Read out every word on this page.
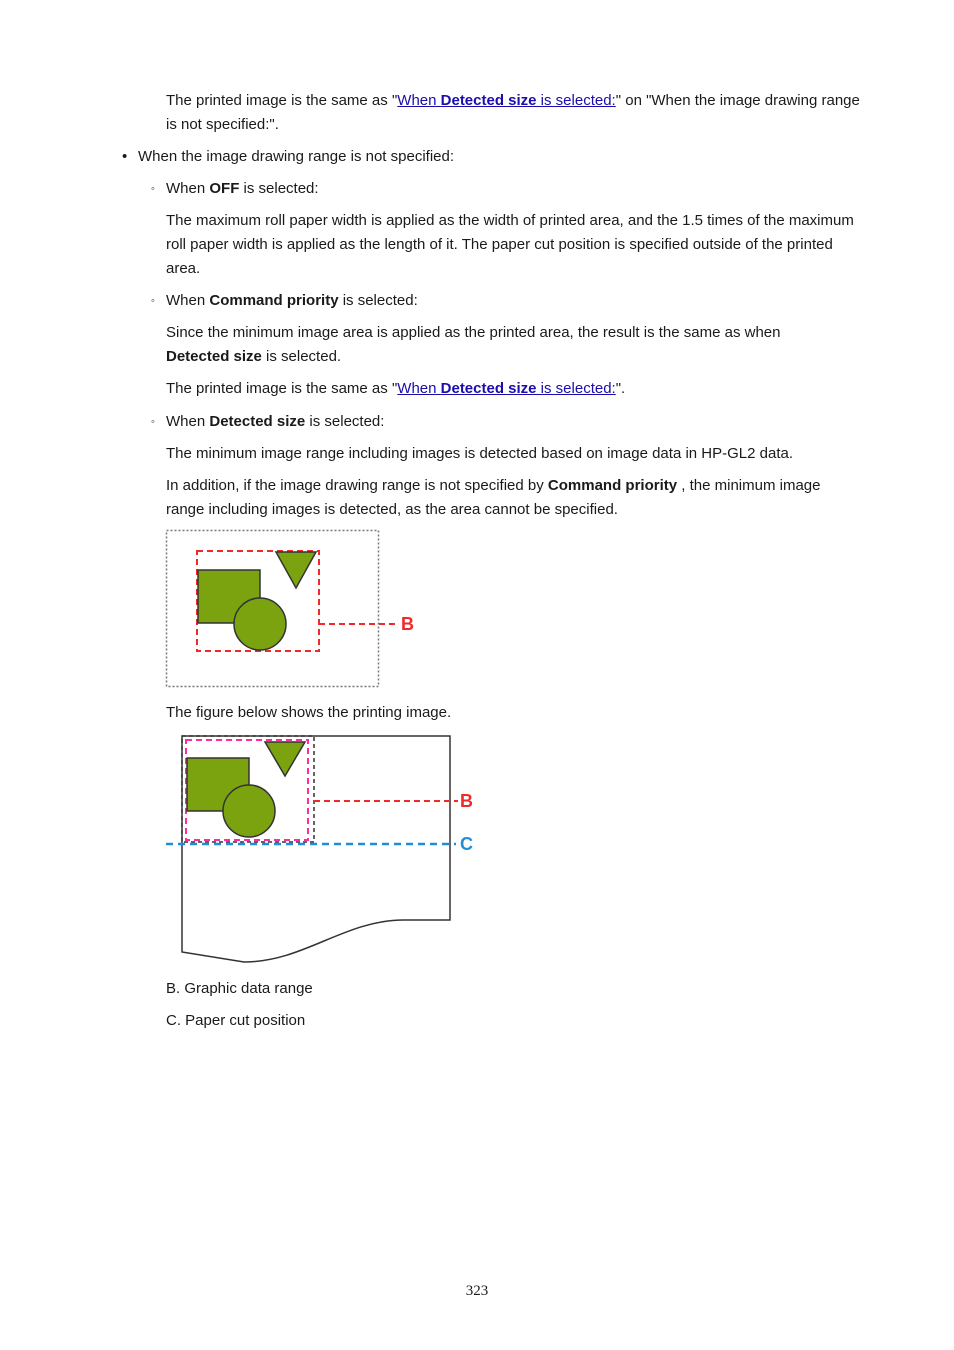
The printed image is the same as "When Detected size is selected:" on "When the image drawing range is not specified:".

• When the image drawing range is not specified:

◦ When OFF is selected:

The maximum roll paper width is applied as the width of printed area, and the 1.5 times of the maximum roll paper width is applied as the length of it. The paper cut position is specified outside of the printed area.

◦ When Command priority is selected:

Since the minimum image area is applied as the printed area, the result is the same as when Detected size is selected.

The printed image is the same as "When Detected size is selected:".

◦ When Detected size is selected:

The minimum image range including images is detected based on image data in HP-GL2 data.

In addition, if the image drawing range is not specified by Command priority , the minimum image range including images is detected, as the area cannot be specified.

B

The figure below shows the printing image.

B
C

B. Graphic data range

C. Paper cut position

323
